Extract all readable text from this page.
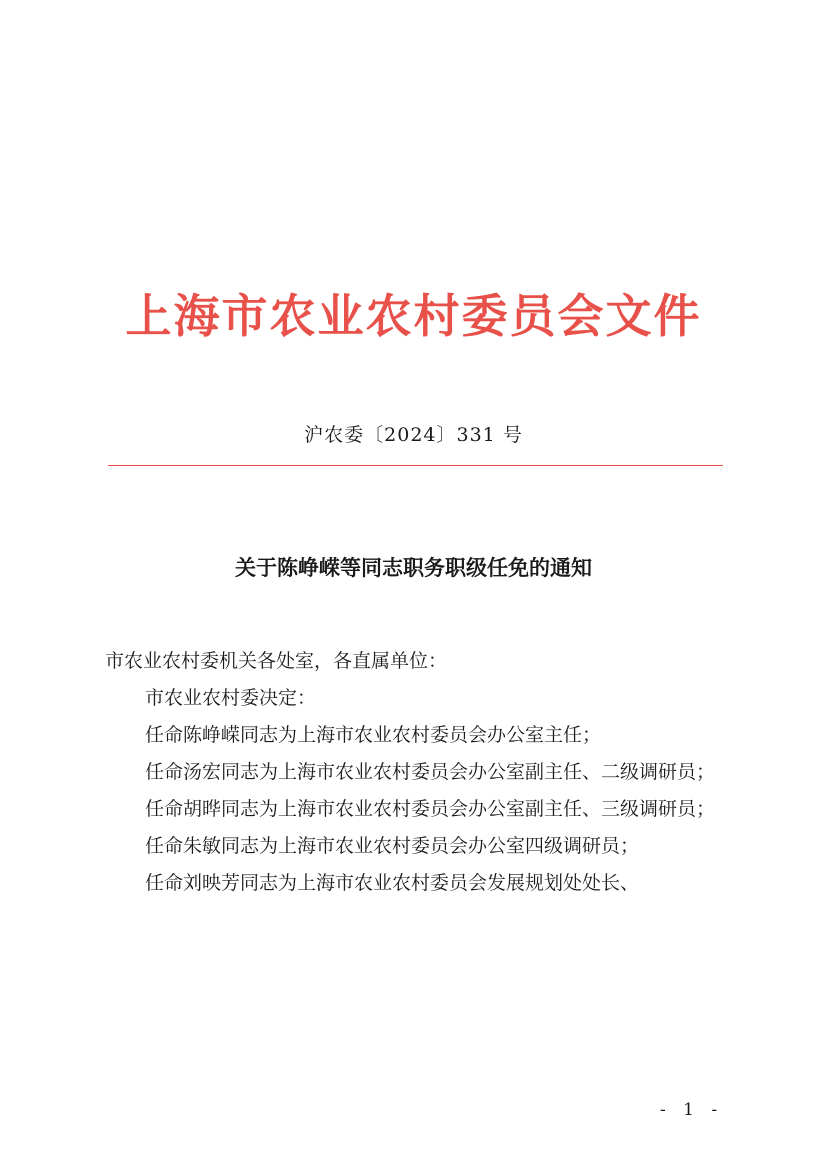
上海市农业农村委员会文件
沪农委〔2024〕331 号
关于陈峥嵘等同志职务职级任免的通知

市农业农村委机关各处室，各直属单位：

市农业农村委决定：

任命陈峥嵘同志为上海市农业农村委员会办公室主任；

任命汤宏同志为上海市农业农村委员会办公室副主任、二级调研员；

任命胡晔同志为上海市农业农村委员会办公室副主任、三级调研员；

任命朱敏同志为上海市农业农村委员会办公室四级调研员；

任命刘映芳同志为上海市农业农村委员会发展规划处处长、

- 1 -
